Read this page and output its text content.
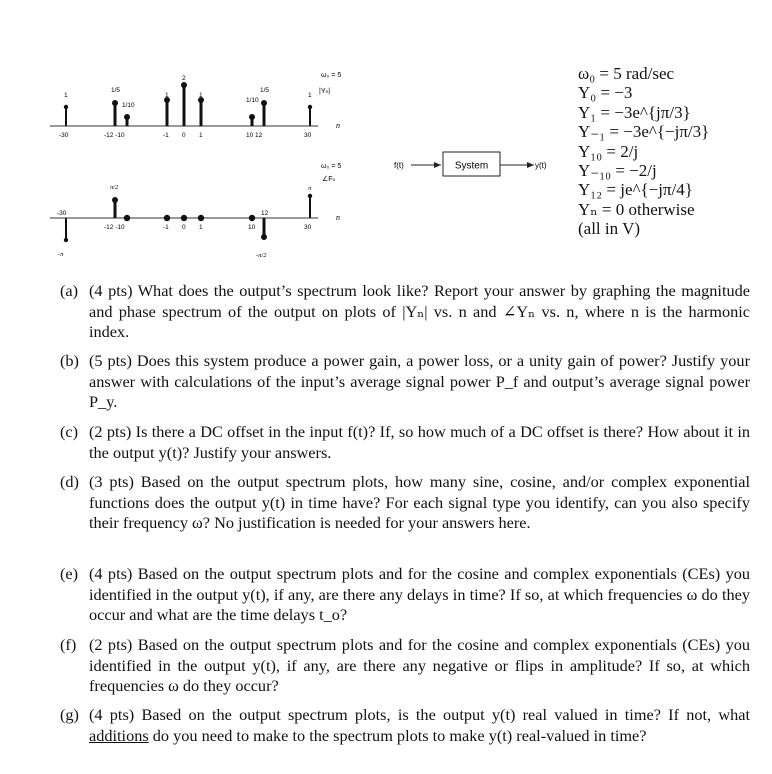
ω₀ = 5
|Yₙ|
n
1
1/5
1/10
1
2
1
1/10
1/5
1
-30	-12 -10	-1 0 1	10 12	30
ω₀ = 5
∠Fₙ
n
-π
π/2
-π/2
π
-30
-12 -10	-1 0 1	10
12
30
f(t)	System	y(t)
ω₀ = 5 rad/sec
Y₀ = −3
Y₁ = −3e^{jπ/3}
Y₋₁ = −3e^{−jπ/3}
Y₁₀ = 2/j
Y₋₁₀ = −2/j
Y₁₂ = je^{−jπ/4}
Yₙ = 0 otherwise
(all in V)
(a) (4 pts) What does the output’s spectrum look like? Report your answer by graphing the magnitude and phase spectrum of the output on plots of |Yₙ| vs. n and ∠Yₙ vs. n, where n is the harmonic index.
(b) (5 pts) Does this system produce a power gain, a power loss, or a unity gain of power? Justify your answer with calculations of the input’s average signal power P_f and output’s average signal power P_y.
(c) (2 pts) Is there a DC offset in the input f(t)? If, so how much of a DC offset is there? How about it in the output y(t)? Justify your answers.
(d) (3 pts) Based on the output spectrum plots, how many sine, cosine, and/or complex exponential functions does the output y(t) in time have? For each signal type you identify, can you also specify their frequency ω? No justification is needed for your answers here.
(e) (4 pts) Based on the output spectrum plots and for the cosine and complex exponentials (CEs) you identified in the output y(t), if any, are there any delays in time? If so, at which frequencies ω do they occur and what are the time delays t_o?
(f) (2 pts) Based on the output spectrum plots and for the cosine and complex exponentials (CEs) you identified in the output y(t), if any, are there any negative or flips in amplitude? If so, at which frequencies ω do they occur?
(g) (4 pts) Based on the output spectrum plots, is the output y(t) real valued in time? If not, what additions do you need to make to the spectrum plots to make y(t) real-valued in time?
